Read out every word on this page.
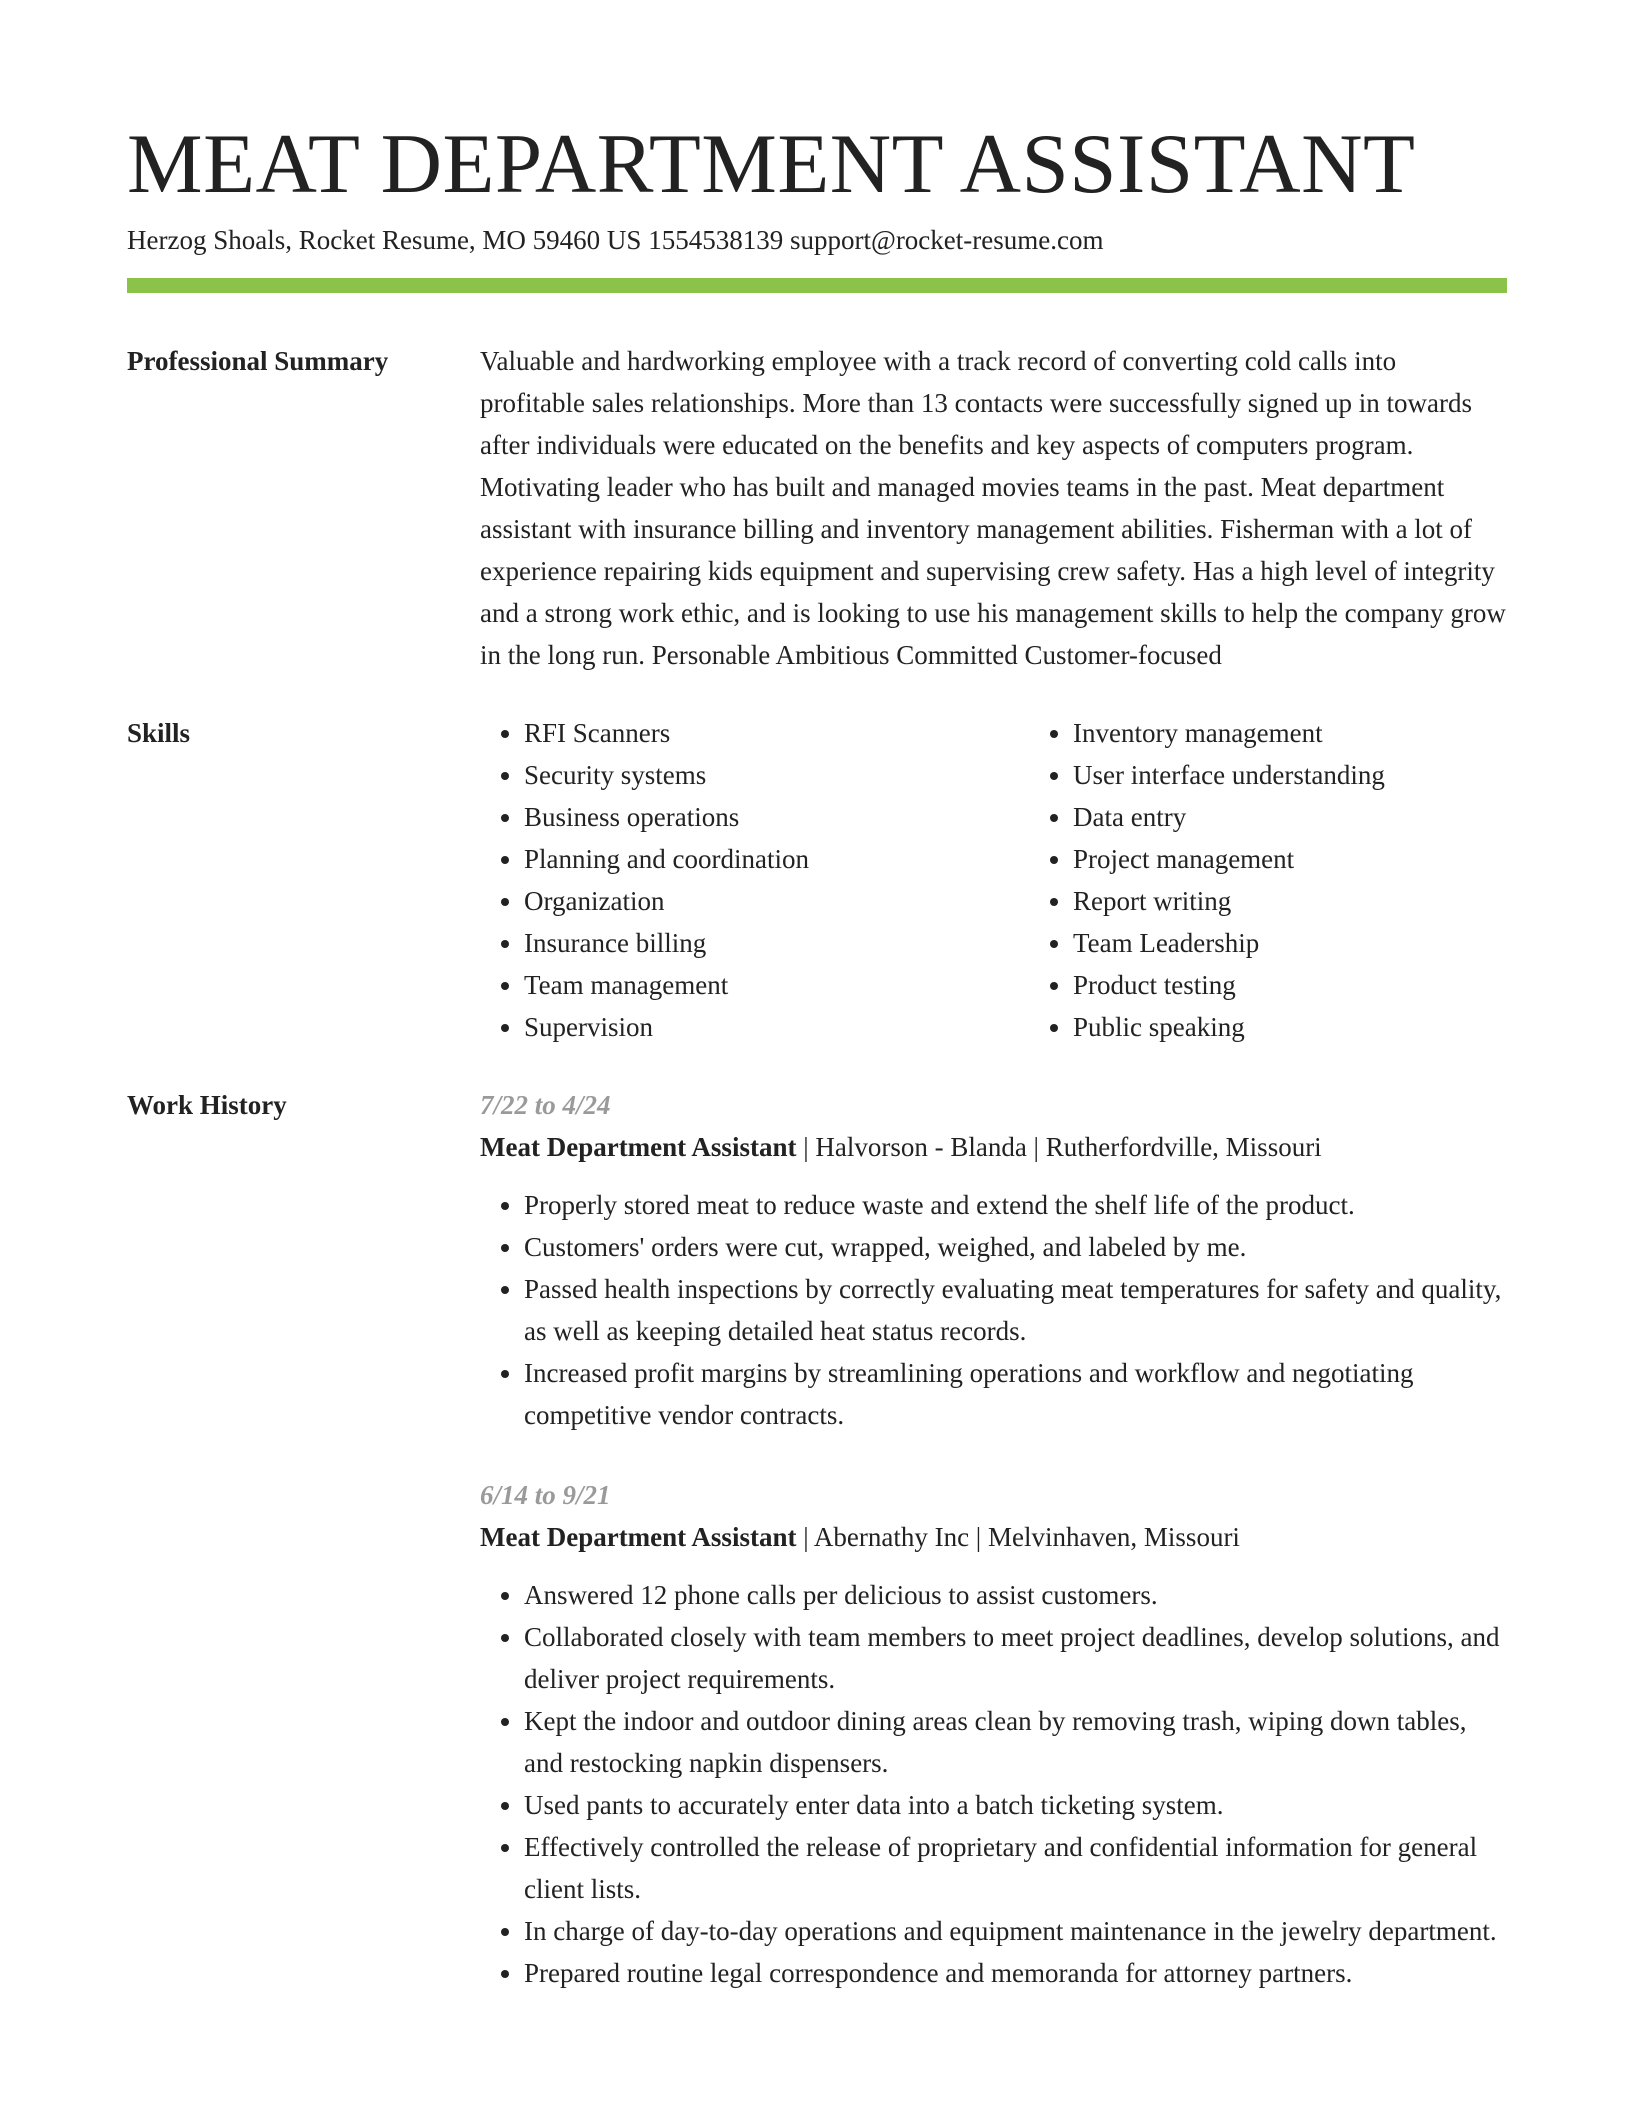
MEAT DEPARTMENT ASSISTANT
Herzog Shoals, Rocket Resume, MO 59460 US 1554538139 support@rocket-resume.com
Professional Summary	Valuable and hardworking employee with a track record of converting cold calls into profitable sales relationships. More than 13 contacts were successfully signed up in towards after individuals were educated on the benefits and key aspects of computers program. Motivating leader who has built and managed movies teams in the past. Meat department assistant with insurance billing and inventory management abilities. Fisherman with a lot of experience repairing kids equipment and supervising crew safety. Has a high level of integrity and a strong work ethic, and is looking to use his management skills to help the company grow in the long run. Personable Ambitious Committed Customer-focused

Skills
•	RFI Scanners
• Security systems
• Business operations
• Planning and coordination
• Organization
• Insurance billing
• Team management
• Supervision
• Inventory management
• User interface understanding
• Data entry
• Project management
• Report writing
• Team Leadership
• Product testing
• Public speaking
Work History	7/22 to 4/24
Meat Department Assistant | Halvorson - Blanda | Rutherfordville, Missouri
• Properly stored meat to reduce waste and extend the shelf life of the product.
• Customers' orders were cut, wrapped, weighed, and labeled by me.
• Passed health inspections by correctly evaluating meat temperatures for safety and quality, as well as keeping detailed heat status records.
• Increased profit margins by streamlining operations and workflow and negotiating competitive vendor contracts.
6/14 to 9/21
Meat Department Assistant | Abernathy Inc | Melvinhaven, Missouri
• Answered 12 phone calls per delicious to assist customers.
• Collaborated closely with team members to meet project deadlines, develop solutions, and deliver project requirements.
• Kept the indoor and outdoor dining areas clean by removing trash, wiping down tables, and restocking napkin dispensers.
• Used pants to accurately enter data into a batch ticketing system.
• Effectively controlled the release of proprietary and confidential information for general client lists.
• In charge of day-to-day operations and equipment maintenance in the jewelry department.
• Prepared routine legal correspondence and memoranda for attorney partners.
